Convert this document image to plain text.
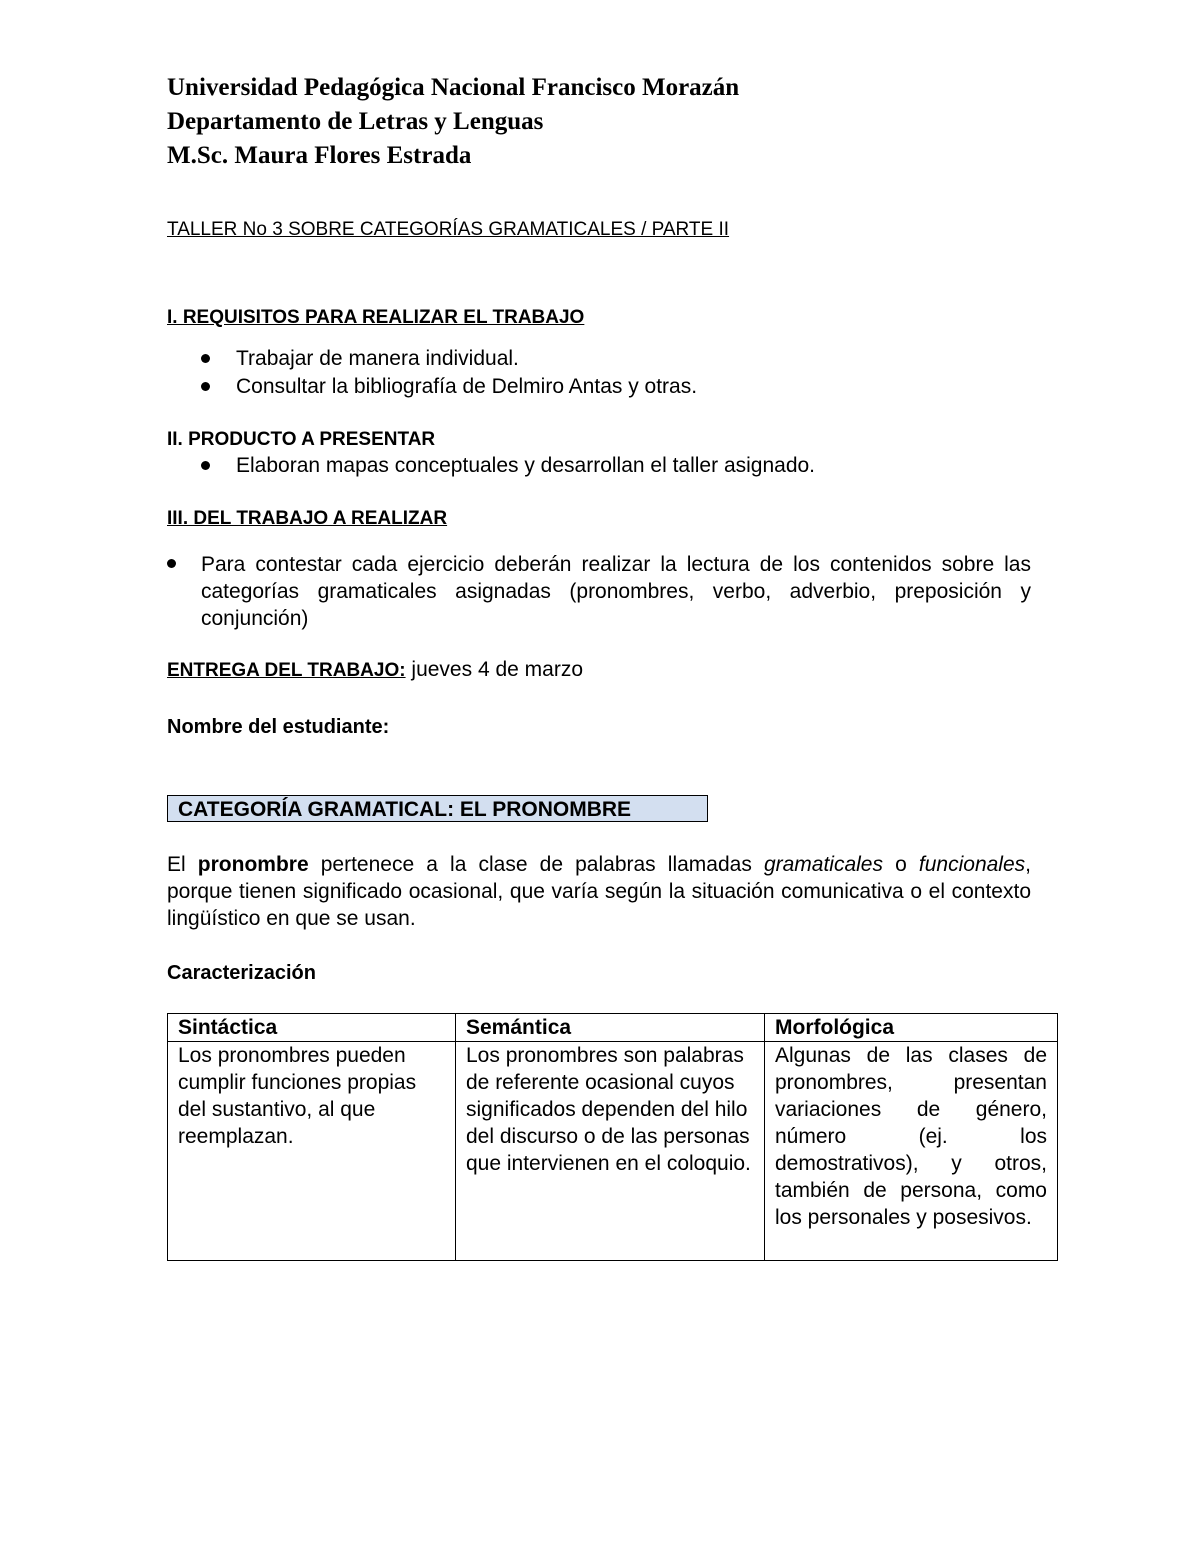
Universidad Pedagógica Nacional Francisco Morazán
Departamento de Letras y Lenguas
M.Sc. Maura Flores Estrada
TALLER No 3 SOBRE CATEGORÍAS GRAMATICALES / PARTE II
I. REQUISITOS PARA REALIZAR EL TRABAJO
Trabajar de manera individual.
Consultar la bibliografía de Delmiro Antas y otras.
II. PRODUCTO A PRESENTAR
Elaboran mapas conceptuales y desarrollan el taller asignado.
III. DEL TRABAJO A REALIZAR
Para contestar cada ejercicio deberán realizar la lectura de los contenidos sobre las categorías gramaticales asignadas (pronombres, verbo, adverbio, preposición y conjunción)
ENTREGA DEL TRABAJO: jueves 4 de marzo
Nombre del estudiante:
CATEGORÍA GRAMATICAL: EL PRONOMBRE
El pronombre pertenece a la clase de palabras llamadas gramaticales o funcionales, porque tienen significado ocasional, que varía según la situación comunicativa o el contexto lingüístico en que se usan.
Caracterización
Sintáctica	Semántica	Morfológica
Los pronombres pueden cumplir funciones propias del sustantivo, al que reemplazan.	Los pronombres son palabras de referente ocasional cuyos significados dependen del hilo del discurso o de las personas que intervienen en el coloquio.	Algunas de las clases de pronombres, presentan variaciones de género, número (ej. los demostrativos), y otros, también de persona, como los personales y posesivos.
